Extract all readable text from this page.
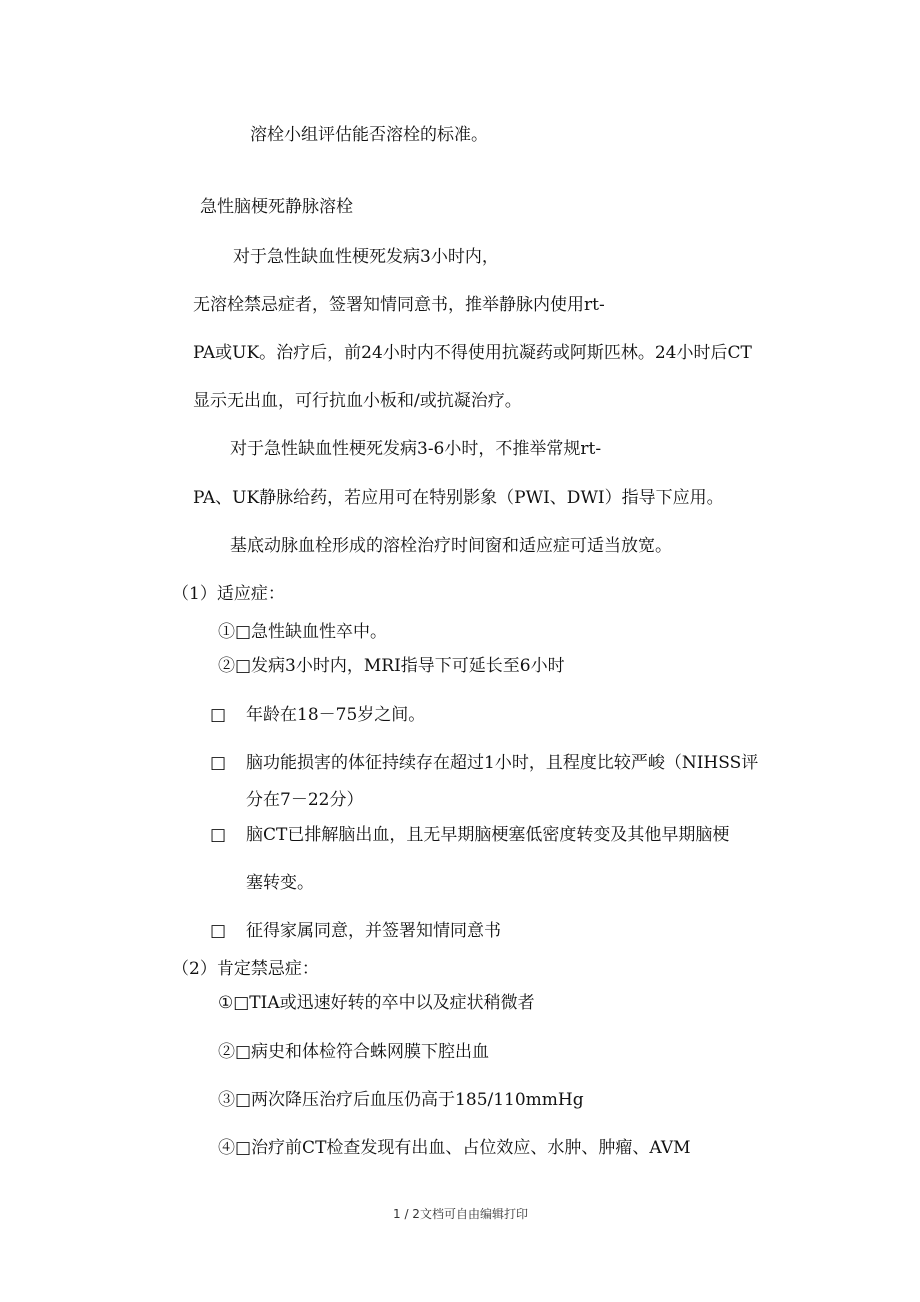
溶栓小组评估能否溶栓的标准。
急性脑梗死静脉溶栓
对于急性缺血性梗死发病3小时内，
无溶栓禁忌症者，签署知情同意书，推举静脉内使用rt-
PA或UK。治疗后，前24小时内不得使用抗凝药或阿斯匹林。24小时后CT
显示无出血，可行抗血小板和/或抗凝治疗。
对于急性缺血性梗死发病3-6小时，不推举常规rt-
PA、UK静脉给药，若应用可在特别影象（PWI、DWI）指导下应用。
基底动脉血栓形成的溶栓治疗时间窗和适应症可适当放宽。
（1）适应症：
①□急性缺血性卒中。
②□发病3小时内，MRI指导下可延长至6小时
□ 年龄在18－75岁之间。
□ 脑功能损害的体征持续存在超过1小时，且程度比较严峻（NIHSS评
分在7－22分）
□ 脑CT已排解脑出血，且无早期脑梗塞低密度转变及其他早期脑梗
塞转变。
□ 征得家属同意，并签署知情同意书
（2）肯定禁忌症：
①□TIA或迅速好转的卒中以及症状稍微者
②□病史和体检符合蛛网膜下腔出血
③□两次降压治疗后血压仍高于185/110mmHg
④□治疗前CT检查发现有出血、占位效应、水肿、肿瘤、AVM
1 / 2文档可自由编辑打印
